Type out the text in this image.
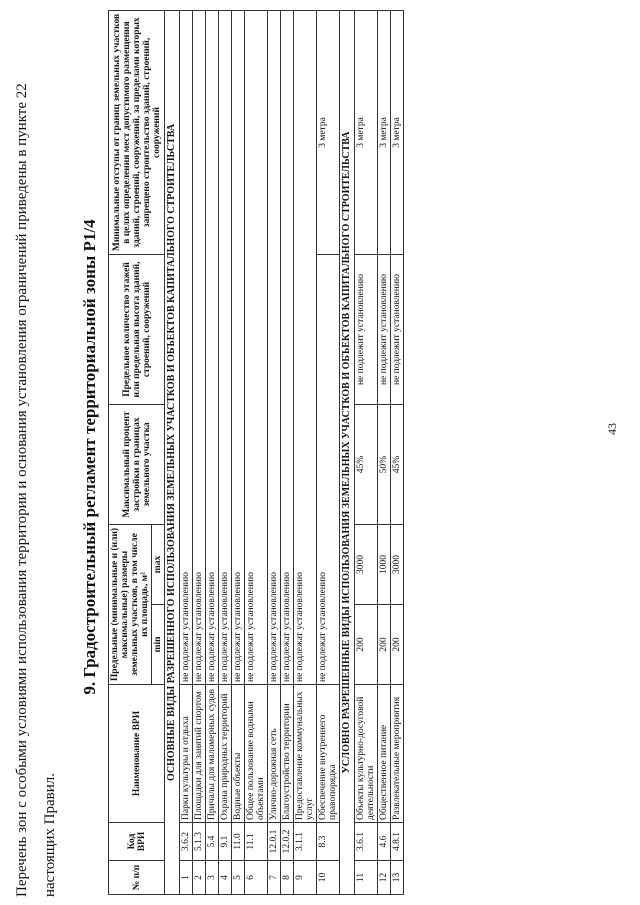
Перечень зон с особыми условиями использования территории и основания установления ограничений приведены в пункте 22 настоящих Правил.
9. Градостроительный регламент территориальной зоны Р1/4
№ п/п	Код ВРИ	Наименование ВРИ	Предельные (минимальные и (или) максимальные) размеры земельных участков, в том числе их площадь, м²		Максимальный процент застройки в границах земельного участка	Предельное количество этажей или предельная высота зданий, строений, сооружений	Минимальные отступы от границ земельных участков в целях определения мест допустимого размещения зданий, строений, сооружений, за пределами которых запрещено строительство зданий, строений, сооружений
			min	max			
ОСНОВНЫЕ ВИДЫ РАЗРЕШЕННОГО ИСПОЛЬЗОВАНИЯ ЗЕМЕЛЬНЫХ УЧАСТКОВ И ОБЪЕКТОВ КАПИТАЛЬНОГО СТРОИТЕЛЬСТВА							
1	3.6.2	Парки культуры и отдыха	не подлежат установлению				
2	5.1.3	Площадки для занятий спортом	не подлежат установлению				
3	5.4	Причалы для маломерных судов	не подлежат установлению				
4	9.1	Охрана природных территорий	не подлежат установлению				
5	11.0	Водные объекты	не подлежат установлению				
6	11.1	Общее пользование водными объектами	не подлежат установлению				
7	12.0.1	Улично-дорожная сеть	не подлежат установлению				
8	12.0.2	Благоустройство территории	не подлежат установлению				
9	3.1.1	Предоставление коммунальных услуг	не подлежат установлению				
10	8.3	Обеспечение внутреннего правопорядка	не подлежат установлению				3 метра
УСЛОВНО РАЗРЕШЕННЫЕ ВИДЫ ИСПОЛЬЗОВАНИЯ ЗЕМЕЛЬНЫХ УЧАСТКОВ И ОБЪЕКТОВ КАПИТАЛЬНОГО СТРОИТЕЛЬСТВА							
11	3.6.1	Объекты культурно-досуговой деятельности	200	3000	45%	не подлежит установлению	3 метра
12	4.6	Общественное питание	200	1000	50%	не подлежит установлению	3 метра
13	4.8.1	Развлекательные мероприятия	200	3000	45%	не подлежит установлению	3 метра
43
